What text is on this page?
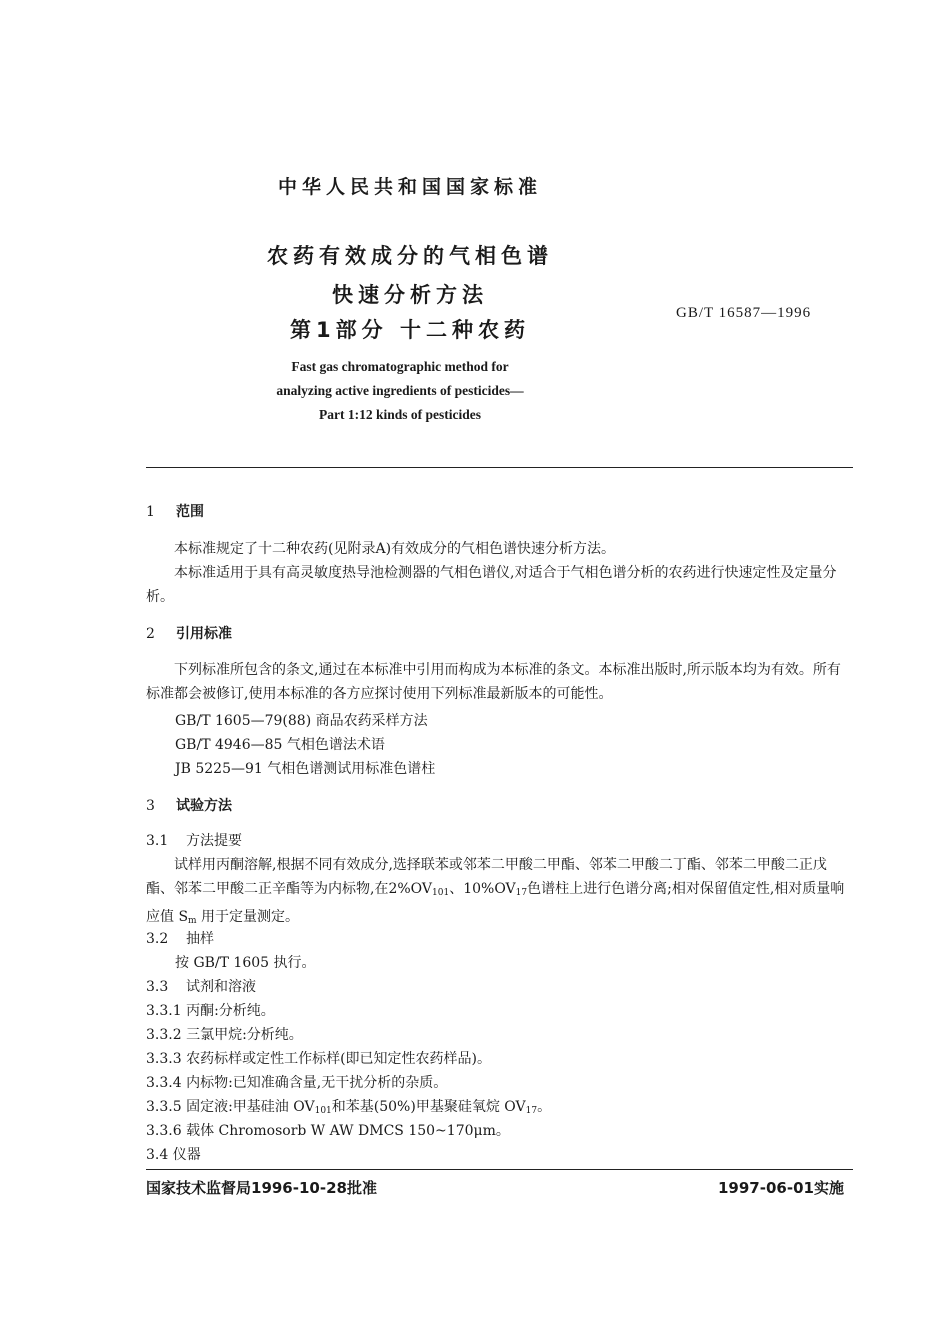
中华人民共和国国家标准
农药有效成分的气相色谱
快速分析方法
第1部分 十二种农药
GB/T 16587—1996
Fast gas chromatographic method for
analyzing active ingredients of pesticides—
Part 1:12 kinds of pesticides
1 范围
本标准规定了十二种农药(见附录A)有效成分的气相色谱快速分析方法。
本标准适用于具有高灵敏度热导池检测器的气相色谱仪,对适合于气相色谱分析的农药进行快速定性及定量分析。
2 引用标准
下列标准所包含的条文,通过在本标准中引用而构成为本标准的条文。本标准出版时,所示版本均为有效。所有标准都会被修订,使用本标准的各方应探讨使用下列标准最新版本的可能性。
GB/T 1605—79(88) 商品农药采样方法
GB/T 4946—85 气相色谱法术语
JB 5225—91 气相色谱测试用标准色谱柱
3 试验方法
3.1 方法提要
试样用丙酮溶解,根据不同有效成分,选择联苯或邻苯二甲酸二甲酯、邻苯二甲酸二丁酯、邻苯二甲酸二正戊酯、邻苯二甲酸二正辛酯等为内标物,在$2\%OV_{101}$、$10\%OV_{17}$色谱柱上进行色谱分离;相对保留值定性,相对质量响应值 $S_m$ 用于定量测定。
3.2 抽样
按 GB/T 1605 执行。
3.3 试剂和溶液
3.3.1 丙酮:分析纯。
3.3.2 三氯甲烷:分析纯。
3.3.3 农药标样或定性工作标样(即已知定性农药样品)。
3.3.4 内标物:已知准确含量,无干扰分析的杂质。
3.3.5 固定液:甲基硅油 $OV_{101}$和苯基(50%)甲基聚硅氧烷 $OV_{17}$。
3.3.6 载体 Chromosorb W AW DMCS 150~170μm。
3.4 仪器
国家技术监督局1996-10-28批准	1997-06-01实施
